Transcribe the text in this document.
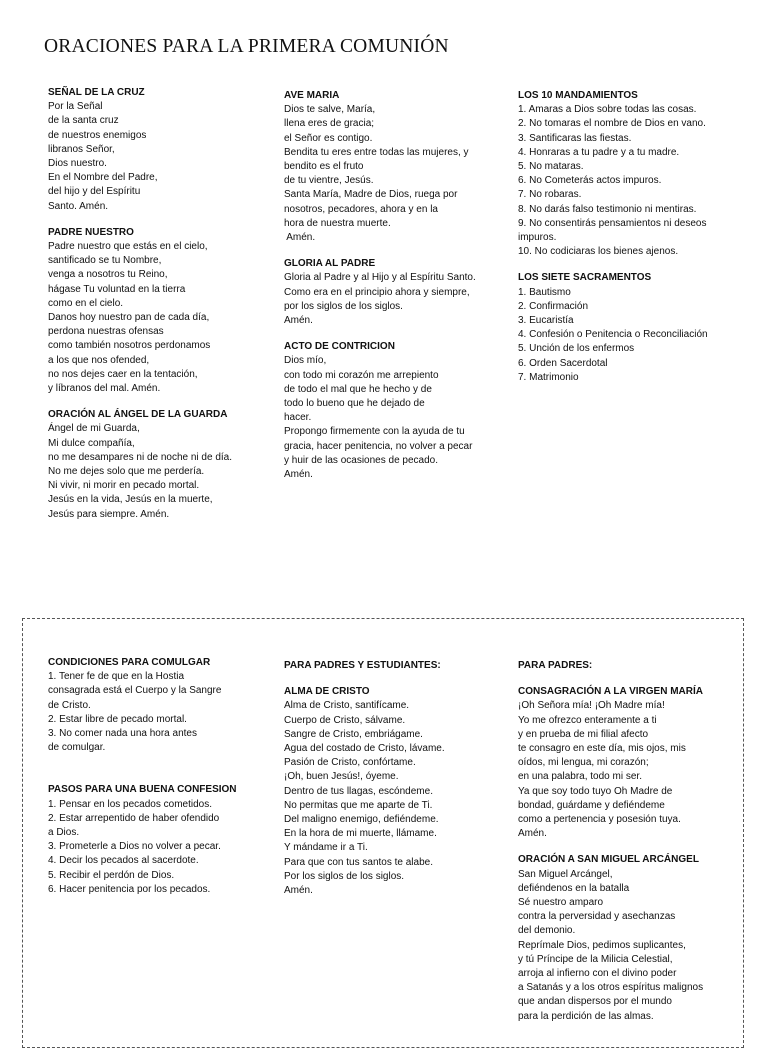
ORACIONES PARA LA PRIMERA COMUNIÓN
SEÑAL DE LA CRUZ
Por la Señal
de la santa cruz
de nuestros enemigos
libranos Señor,
Dios nuestro.
En el Nombre del Padre,
del hijo y del Espíritu
Santo. Amén.
PADRE NUESTRO
Padre nuestro que estás en el cielo,
santificado se tu Nombre,
venga a nosotros tu Reino,
hágase Tu voluntad en la tierra
como en el cielo.
Danos hoy nuestro pan de cada día,
perdona nuestras ofensas
como también nosotros perdonamos
a los que nos ofended,
no nos dejes caer en la tentación,
y líbranos del mal. Amén.
ORACIÓN AL ÁNGEL DE LA GUARDA
Ángel de mi Guarda,
Mi dulce compañía,
no me desampares ni de noche ni de día.
No me dejes solo que me perdería.
Ni vivir, ni morir en pecado mortal.
Jesús en la vida, Jesús en la muerte,
Jesús para siempre. Amén.
AVE MARIA
Dios te salve, María,
llena eres de gracia;
el Señor es contigo.
Bendita tu eres entre todas las mujeres, y
bendito es el fruto
de tu vientre, Jesús.
Santa María, Madre de Dios, ruega por
nosotros, pecadores, ahora y en la
hora de nuestra muerte.
Amén.
GLORIA AL PADRE
Gloria al Padre y al Hijo y al Espíritu Santo.
Como era en el principio ahora y siempre,
por los siglos de los siglos.
Amén.
ACTO DE CONTRICION
Dios mío,
con todo mi corazón me arrepiento
de todo el mal que he hecho y de
todo lo bueno que he dejado de
hacer.
Propongo firmemente con la ayuda de tu
gracia, hacer penitencia, no volver a pecar
y huir de las ocasiones de pecado.
Amén.
LOS 10 MANDAMIENTOS
1. Amaras a Dios sobre todas las cosas.
2. No tomaras el nombre de Dios en vano.
3. Santificaras las fiestas.
4. Honraras a tu padre y a tu madre.
5. No mataras.
6. No Cometerás actos impuros.
7. No robaras.
8. No darás falso testimonio ni mentiras.
9. No consentirás pensamientos ni deseos
impuros.
10. No codiciaras los bienes ajenos.
LOS SIETE SACRAMENTOS
1. Bautismo
2. Confirmación
3. Eucaristía
4. Confesión o Penitencia o Reconciliación
5. Unción de los enfermos
6. Orden Sacerdotal
7. Matrimonio
CONDICIONES PARA COMULGAR
1. Tener fe de que en la Hostia
consagrada está el Cuerpo y la Sangre
de Cristo.
2. Estar libre de pecado mortal.
3. No comer nada una hora antes
de comulgar.
PASOS PARA UNA BUENA CONFESION
1. Pensar en los pecados cometidos.
2. Estar arrepentido de haber ofendido
a Dios.
3. Prometerle a Dios no volver a pecar.
4. Decir los pecados al sacerdote.
5. Recibir el perdón de Dios.
6. Hacer penitencia por los pecados.
PARA PADRES Y ESTUDIANTES:
ALMA DE CRISTO
Alma de Cristo, santifícame.
Cuerpo de Cristo, sálvame.
Sangre de Cristo, embriágame.
Agua del costado de Cristo, lávame.
Pasión de Cristo, confórtame.
¡Oh, buen Jesús!, óyeme.
Dentro de tus llagas, escóndeme.
No permitas que me aparte de Ti.
Del maligno enemigo, defiéndeme.
En la hora de mi muerte, llámame.
Y mándame ir a Ti.
Para que con tus santos te alabe.
Por los siglos de los siglos.
Amén.
PARA PADRES:
CONSAGRACIÓN A LA VIRGEN MARÍA
¡Oh Señora mía! ¡Oh Madre mía!
Yo me ofrezco enteramente a ti
y en prueba de mi filial afecto
te consagro en este día, mis ojos, mis
oídos, mi lengua, mi corazón;
en una palabra, todo mi ser.
Ya que soy todo tuyo Oh Madre de
bondad, guárdame y defiéndeme
como a pertenencia y posesión tuya.
Amén.
ORACIÓN A SAN MIGUEL ARCÁNGEL
San Miguel Arcángel,
defiéndenos en la batalla
Sé nuestro amparo
contra la perversidad y asechanzas
del demonio.
Reprímale Dios, pedimos suplicantes,
y tú Príncipe de la Milicia Celestial,
arroja al infierno con el divino poder
a Satanás y a los otros espíritus malignos
que andan dispersos por el mundo
para la perdición de las almas.
